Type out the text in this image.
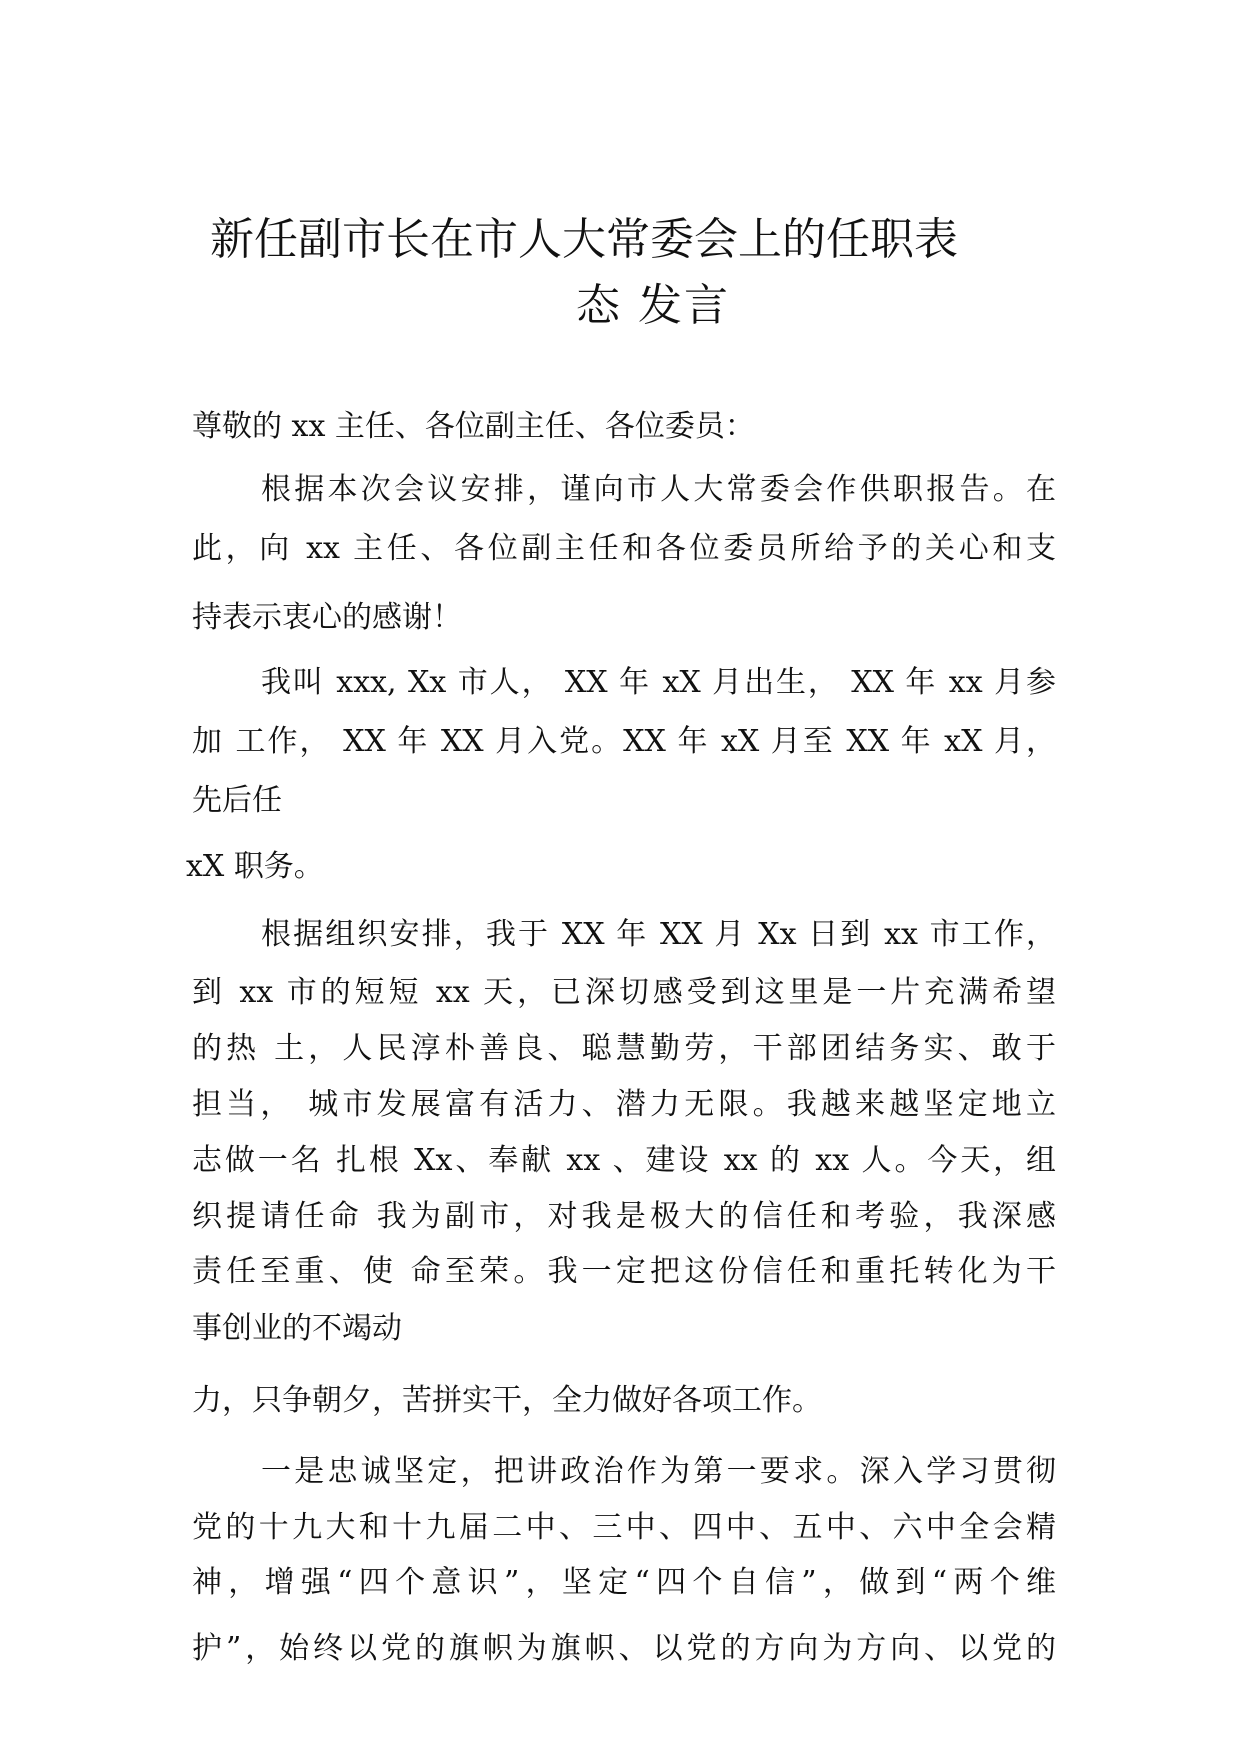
新任副市长在市人大常委会上的任职表
态 发言
尊敬的 xx 主任、各位副主任、各位委员：
根据本次会议安排，谨向市人大常委会作供职报告。在
此，向 xx 主任、各位副主任和各位委员所给予的关心和支
持表示衷心的感谢！
我叫 xxx, Xx 市人， XX 年 xX 月出生， XX 年 xx 月参
加 工作， XX 年 XX 月入党。XX 年 xX 月至 XX 年 xX 月，
先后任
xX 职务。
根据组织安排，我于 XX 年 XX 月 Xx 日到 xx 市工作，
到 xx 市的短短 xx 天，已深切感受到这里是一片充满希望
的热 土，人民淳朴善良、聪慧勤劳，干部团结务实、敢于
担当， 城市发展富有活力、潜力无限。我越来越坚定地立
志做一名 扎根 Xx、奉献 xx 、建设 xx 的 xx 人。今天，组
织提请任命 我为副市，对我是极大的信任和考验，我深感
责任至重、使 命至荣。我一定把这份信任和重托转化为干
事创业的不竭动
力，只争朝夕，苦拼实干，全力做好各项工作。
一是忠诚坚定，把讲政治作为第一要求。深入学习贯彻
党的十九大和十九届二中、三中、四中、五中、六中全会精
神，增强“四个意识”，坚定“四个自信”，做到“两个维
护”，始终以党的旗帜为旗帜、以党的方向为方向、以党的
